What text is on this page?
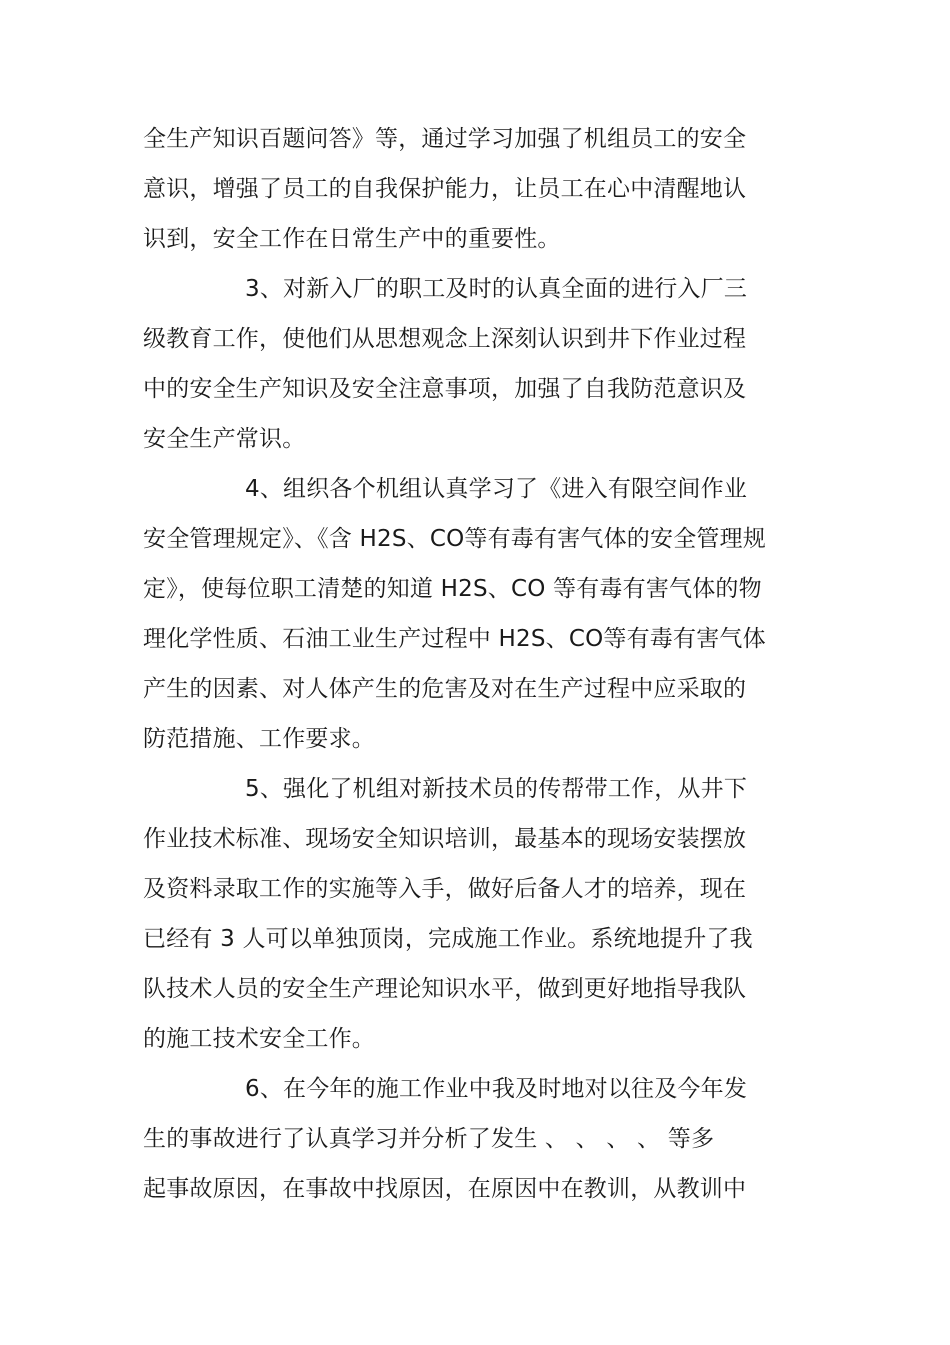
全生产知识百题问答》等，通过学习加强了机组员工的安全
意识，增强了员工的自我保护能力，让员工在心中清醒地认
识到，安全工作在日常生产中的重要性。
3、对新入厂的职工及时的认真全面的进行入厂三
级教育工作，使他们从思想观念上深刻认识到井下作业过程
中的安全生产知识及安全注意事项，加强了自我防范意识及
安全生产常识。
4、组织各个机组认真学习了《进入有限空间作业
安全管理规定》、《含 H2S、CO等有毒有害气体的安全管理规
定》，使每位职工清楚的知道 H2S、CO 等有毒有害气体的物
理化学性质、石油工业生产过程中 H2S、CO等有毒有害气体
产生的因素、对人体产生的危害及对在生产过程中应采取的
防范措施、工作要求。
5、强化了机组对新技术员的传帮带工作，从井下
作业技术标准、现场安全知识培训，最基本的现场安装摆放
及资料录取工作的实施等入手，做好后备人才的培养，现在
已经有 3 人可以单独顶岗，完成施工作业。系统地提升了我
队技术人员的安全生产理论知识水平，做到更好地指导我队
的施工技术安全工作。
6、在今年的施工作业中我及时地对以往及今年发
生的事故进行了认真学习并分析了发生 、 、 、 、 等多
起事故原因，在事故中找原因，在原因中在教训，从教训中
